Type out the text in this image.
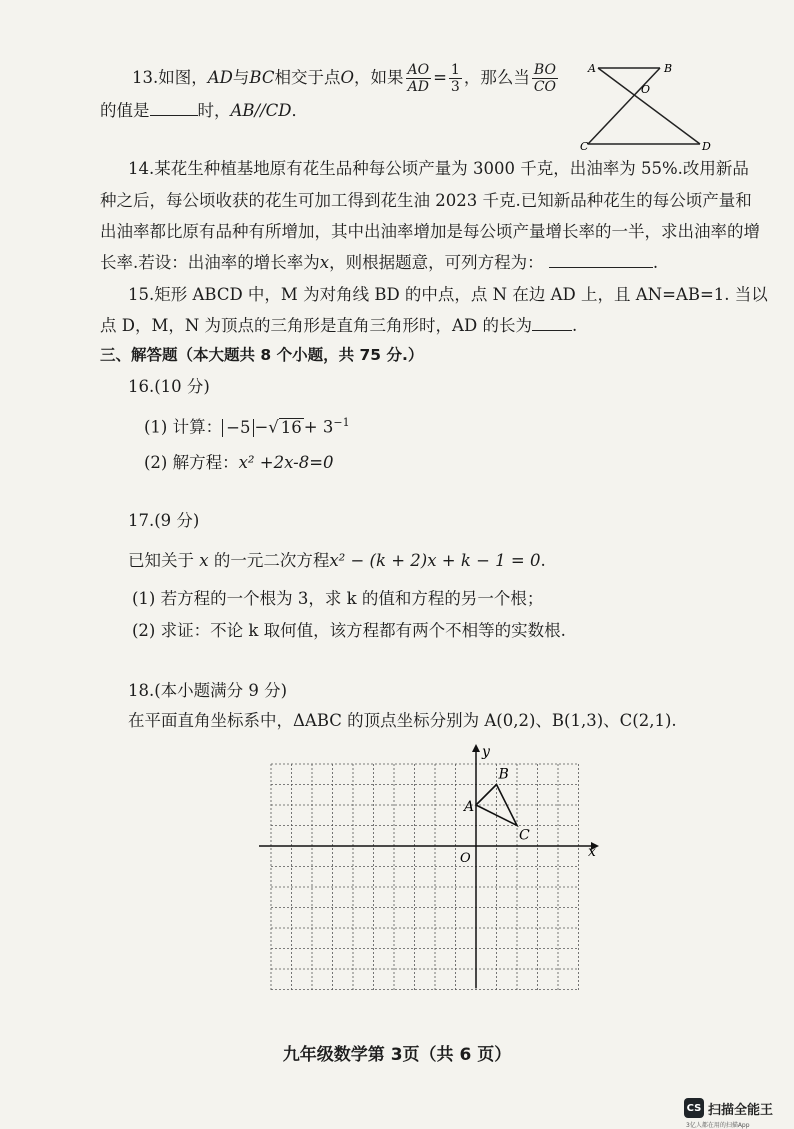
13.如图，AD与BC相交于点O，如果 $\frac{AO}{AD} = \frac{1}{3}$ ，那么当 $\frac{BO}{CO}$
的值是	时，AB//CD．
A	B
O
C	D
14.某花生种植基地原有花生品种每公顷产量为 3000 千克，出油率为 55%.改用新品
种之后，每公顷收获的花生可加工得到花生油 2023 千克.已知新品种花生的每公顷产量和
出油率都比原有品种有所增加，其中出油率增加是每公顷产量增长率的一半，求出油率的增
长率.若设：出油率的增长率为x，则根据题意，可列方程为：	.
15.矩形 ABCD 中，M 为对角线 BD 的中点，点 N 在边 AD 上，且 AN=AB=1. 当以
点 D，M，N 为顶点的三角形是直角三角形时，AD 的长为 .
三、解答题（本大题共 8 个小题，共 75 分.）
16.(10 分)
(1) 计算： −5 −√ $16 + 3^{-1}$
(2) 解方程：x² +2x-8=0
17.(9 分)
已知关于 x 的一元二次方程x² − (k + 2)x + k − 1 = 0.
(1) 若方程的一个根为 3，求 k 的值和方程的另一个根；
(2) 求证：不论 k 取何值，该方程都有两个不相等的实数根.
18.(本小题满分 9 分)
在平面直角坐标系中，ΔABC 的顶点坐标分别为 A(0,2)、B(1,3)、C(2,1).
x
y
O
A
B
C
九年级数学第 3页（共 6 页）
CS 扫描全能王
3亿人都在用的扫描App
